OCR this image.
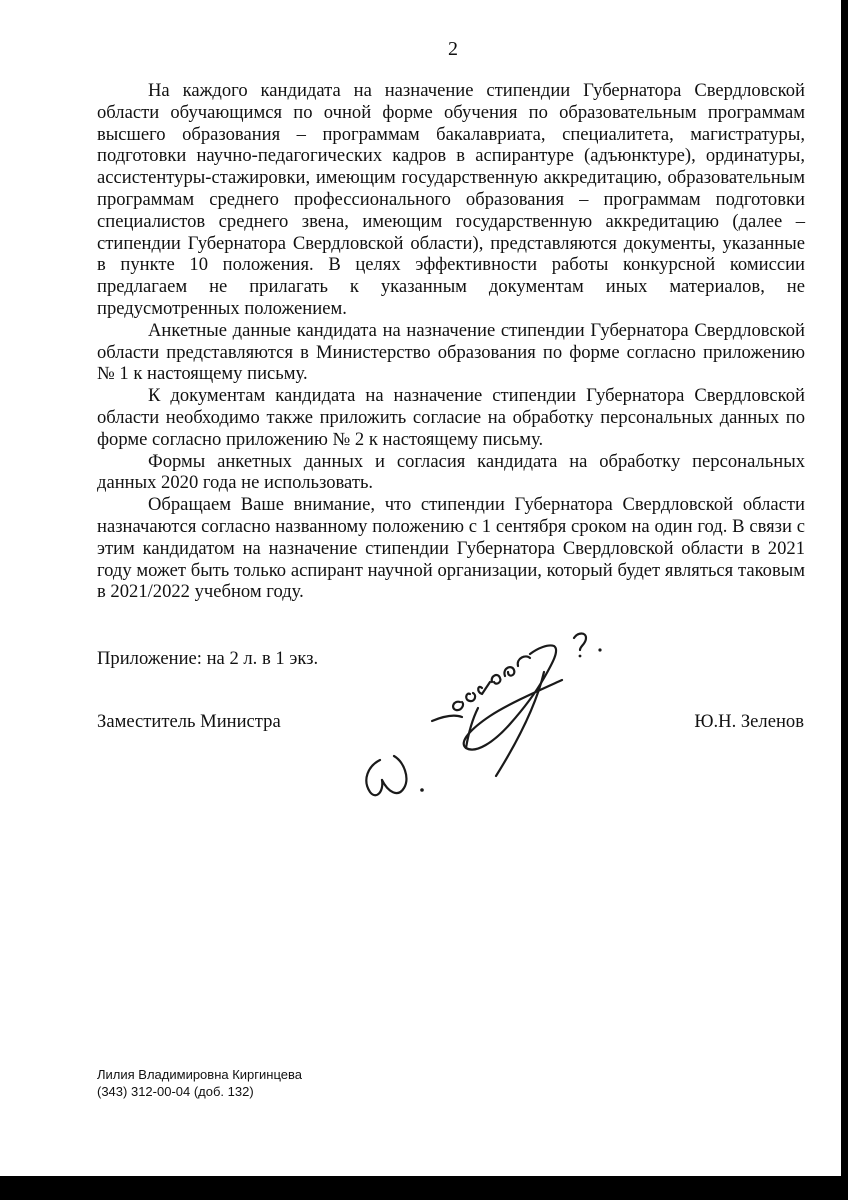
2

На каждого кандидата на назначение стипендии Губернатора Свердловской области обучающимся по очной форме обучения по образовательным программам высшего образования – программам бакалавриата, специалитета, магистратуры, подготовки научно-педагогических кадров в аспирантуре (адъюнктуре), ординатуры, ассистентуры-стажировки, имеющим государственную аккредитацию, образовательным программам среднего профессионального образования – программам подготовки специалистов среднего звена, имеющим государственную аккредитацию (далее – стипендии Губернатора Свердловской области), представляются документы, указанные в пункте 10 положения. В целях эффективности работы конкурсной комиссии предлагаем не прилагать к указанным документам иных материалов, не предусмотренных положением.

Анкетные данные кандидата на назначение стипендии Губернатора Свердловской области представляются в Министерство образования по форме согласно приложению № 1 к настоящему письму.

К документам кандидата на назначение стипендии Губернатора Свердловской области необходимо также приложить согласие на обработку персональных данных по форме согласно приложению № 2 к настоящему письму.

Формы анкетных данных и согласия кандидата на обработку персональных данных 2020 года не использовать.

Обращаем Ваше внимание, что стипендии Губернатора Свердловской области назначаются согласно названному положению с 1 сентября сроком на один год. В связи с этим кандидатом на назначение стипендии Губернатора Свердловской области в 2021 году может быть только аспирант научной организации, который будет являться таковым в 2021/2022 учебном году.

Приложение: на 2 л. в 1 экз.
Заместитель Министра	Ю.Н. Зеленов
Лилия Владимировна Киргинцева
(343) 312-00-04 (доб. 132)
